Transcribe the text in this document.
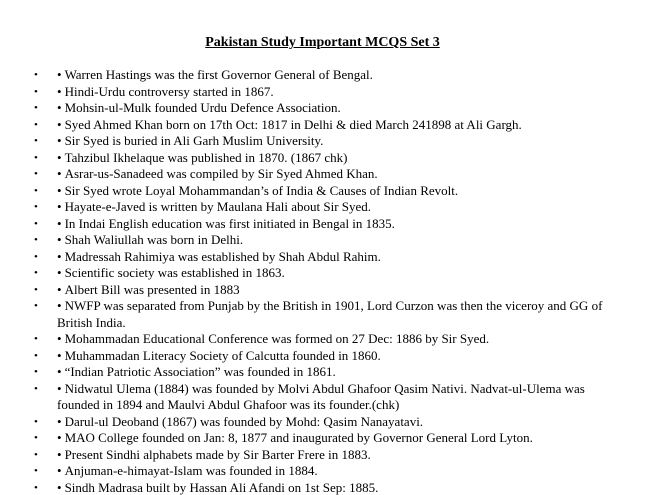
Pakistan Study Important MCQS Set 3
• • Warren Hastings was the first Governor General of Bengal.
• • Hindi-Urdu controversy started in 1867.
• • Mohsin-ul-Mulk founded Urdu Defence Association.
• • Syed Ahmed Khan born on 17th Oct: 1817 in Delhi & died March 241898 at Ali Gargh.
• • Sir Syed is buried in Ali Garh Muslim University.
• • Tahzibul Ikhelaque was published in 1870. (1867 chk)
• • Asrar-us-Sanadeed was compiled by Sir Syed Ahmed Khan.
• • Sir Syed wrote Loyal Mohammandan’s of India & Causes of Indian Revolt.
• • Hayate-e-Javed is written by Maulana Hali about Sir Syed.
• • In Indai English education was first initiated in Bengal in 1835.
• • Shah Waliullah was born in Delhi.
• • Madressah Rahimiya was established by Shah Abdul Rahim.
• • Scientific society was established in 1863.
• • Albert Bill was presented in 1883
• • NWFP was separated from Punjab by the British in 1901, Lord Curzon was then the viceroy and GG of British India.
• • Mohammadan Educational Conference was formed on 27 Dec: 1886 by Sir Syed.
• • Muhammadan Literacy Society of Calcutta founded in 1860.
• • “Indian Patriotic Association” was founded in 1861.
• • Nidwatul Ulema (1884) was founded by Molvi Abdul Ghafoor Qasim Nativi. Nadvat-ul-Ulema was founded in 1894 and Maulvi Abdul Ghafoor was its founder.(chk)
• • Darul-ul Deoband (1867) was founded by Mohd: Qasim Nanayatavi.
• • MAO College founded on Jan: 8, 1877 and inaugurated by Governor General Lord Lyton.
• • Present Sindhi alphabets made by Sir Barter Frere in 1883.
• • Anjuman-e-himayat-Islam was founded in 1884.
• • Sindh Madrasa built by Hassan Ali Afandi on 1st Sep: 1885.
